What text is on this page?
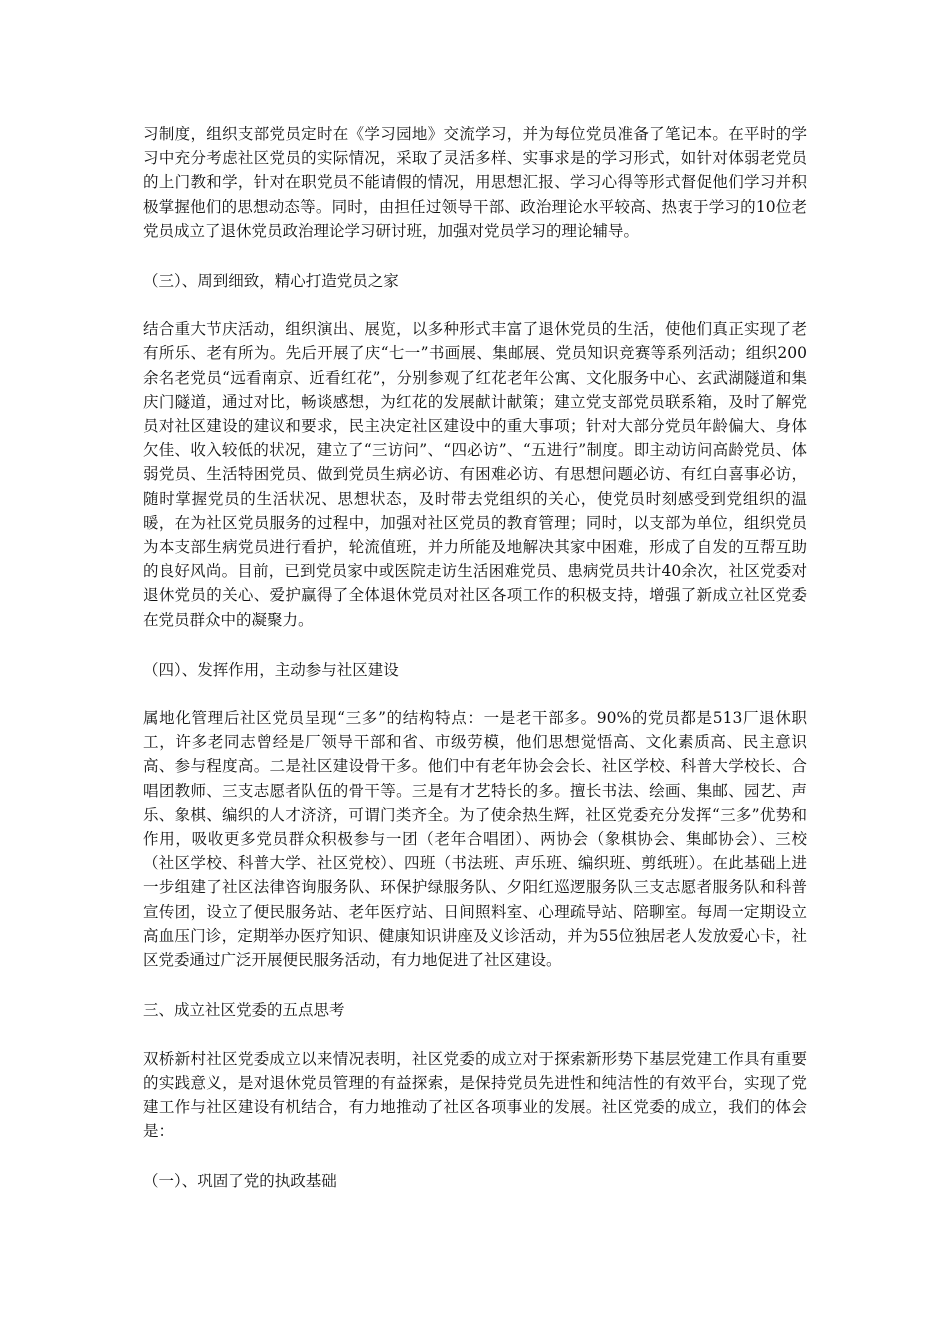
习制度，组织支部党员定时在《学习园地》交流学习，并为每位党员准备了笔记本。在平时的学习中充分考虑社区党员的实际情况，采取了灵活多样、实事求是的学习形式，如针对体弱老党员的上门教和学，针对在职党员不能请假的情况，用思想汇报、学习心得等形式督促他们学习并积极掌握他们的思想动态等。同时，由担任过领导干部、政治理论水平较高、热衷于学习的10位老党员成立了退休党员政治理论学习研讨班，加强对党员学习的理论辅导。

（三）、周到细致，精心打造党员之家

结合重大节庆活动，组织演出、展览，以多种形式丰富了退休党员的生活，使他们真正实现了老有所乐、老有所为。先后开展了庆“七一”书画展、集邮展、党员知识竞赛等系列活动；组织200余名老党员“远看南京、近看红花”，分别参观了红花老年公寓、文化服务中心、玄武湖隧道和集庆门隧道，通过对比，畅谈感想，为红花的发展献计献策；建立党支部党员联系箱，及时了解党员对社区建设的建议和要求，民主决定社区建设中的重大事项；针对大部分党员年龄偏大、身体欠佳、收入较低的状况，建立了“三访问”、“四必访”、“五进行”制度。即主动访问高龄党员、体弱党员、生活特困党员、做到党员生病必访、有困难必访、有思想问题必访、有红白喜事必访，随时掌握党员的生活状况、思想状态，及时带去党组织的关心，使党员时刻感受到党组织的温暖，在为社区党员服务的过程中，加强对社区党员的教育管理；同时，以支部为单位，组织党员为本支部生病党员进行看护，轮流值班，并力所能及地解决其家中困难，形成了自发的互帮互助的良好风尚。目前，已到党员家中或医院走访生活困难党员、患病党员共计40余次，社区党委对退休党员的关心、爱护赢得了全体退休党员对社区各项工作的积极支持，增强了新成立社区党委在党员群众中的凝聚力。

（四）、发挥作用，主动参与社区建设

属地化管理后社区党员呈现“三多”的结构特点：一是老干部多。90%的党员都是513厂退休职工，许多老同志曾经是厂领导干部和省、市级劳模，他们思想觉悟高、文化素质高、民主意识高、参与程度高。二是社区建设骨干多。他们中有老年协会会长、社区学校、科普大学校长、合唱团教师、三支志愿者队伍的骨干等。三是有才艺特长的多。擅长书法、绘画、集邮、园艺、声乐、象棋、编织的人才济济，可谓门类齐全。为了使余热生辉，社区党委充分发挥“三多”优势和作用，吸收更多党员群众积极参与一团（老年合唱团）、两协会（象棋协会、集邮协会）、三校（社区学校、科普大学、社区党校）、四班（书法班、声乐班、编织班、剪纸班）。在此基础上进一步组建了社区法律咨询服务队、环保护绿服务队、夕阳红巡逻服务队三支志愿者服务队和科普宣传团，设立了便民服务站、老年医疗站、日间照料室、心理疏导站、陪聊室。每周一定期设立高血压门诊，定期举办医疗知识、健康知识讲座及义诊活动，并为55位独居老人发放爱心卡，社区党委通过广泛开展便民服务活动，有力地促进了社区建设。

三、成立社区党委的五点思考

双桥新村社区党委成立以来情况表明，社区党委的成立对于探索新形势下基层党建工作具有重要的实践意义，是对退休党员管理的有益探索，是保持党员先进性和纯洁性的有效平台，实现了党建工作与社区建设有机结合，有力地推动了社区各项事业的发展。社区党委的成立，我们的体会是：

（一）、巩固了党的执政基础
